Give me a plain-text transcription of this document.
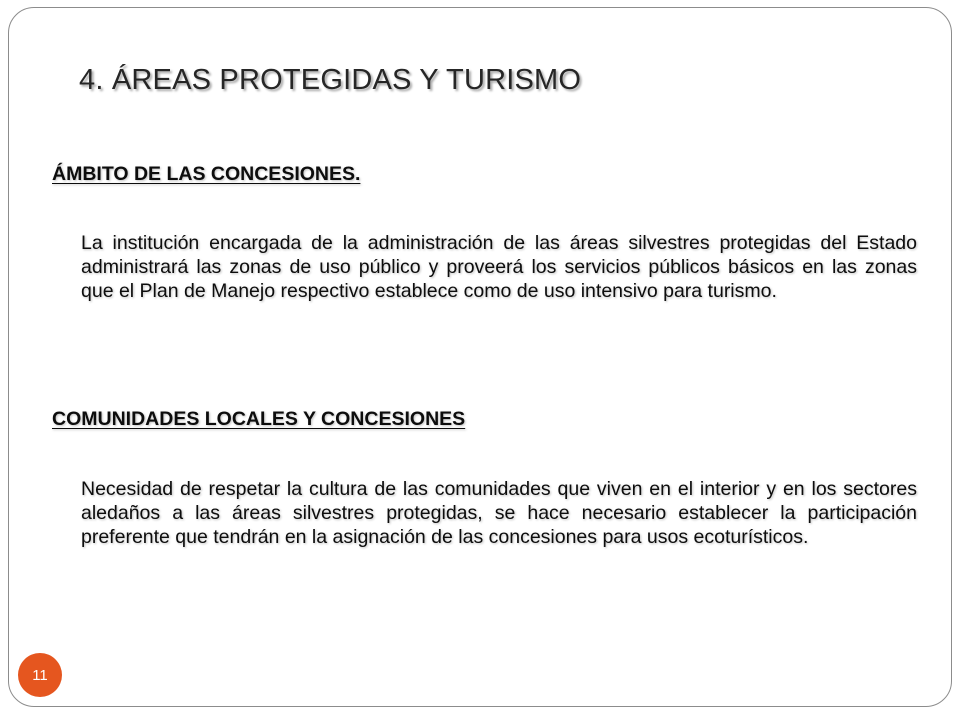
4. ÁREAS PROTEGIDAS Y TURISMO
ÁMBITO DE LAS CONCESIONES.

La institución encargada de la administración de las áreas silvestres protegidas del Estado administrará las zonas de uso público y proveerá los servicios públicos básicos en las zonas que el Plan de Manejo respectivo establece como de uso intensivo para turismo.

COMUNIDADES LOCALES Y CONCESIONES

Necesidad de respetar la cultura de las comunidades que viven en el interior y en los sectores aledaños a las áreas silvestres protegidas, se hace necesario establecer la participación preferente que tendrán en la asignación de las concesiones para usos ecoturísticos.

11
